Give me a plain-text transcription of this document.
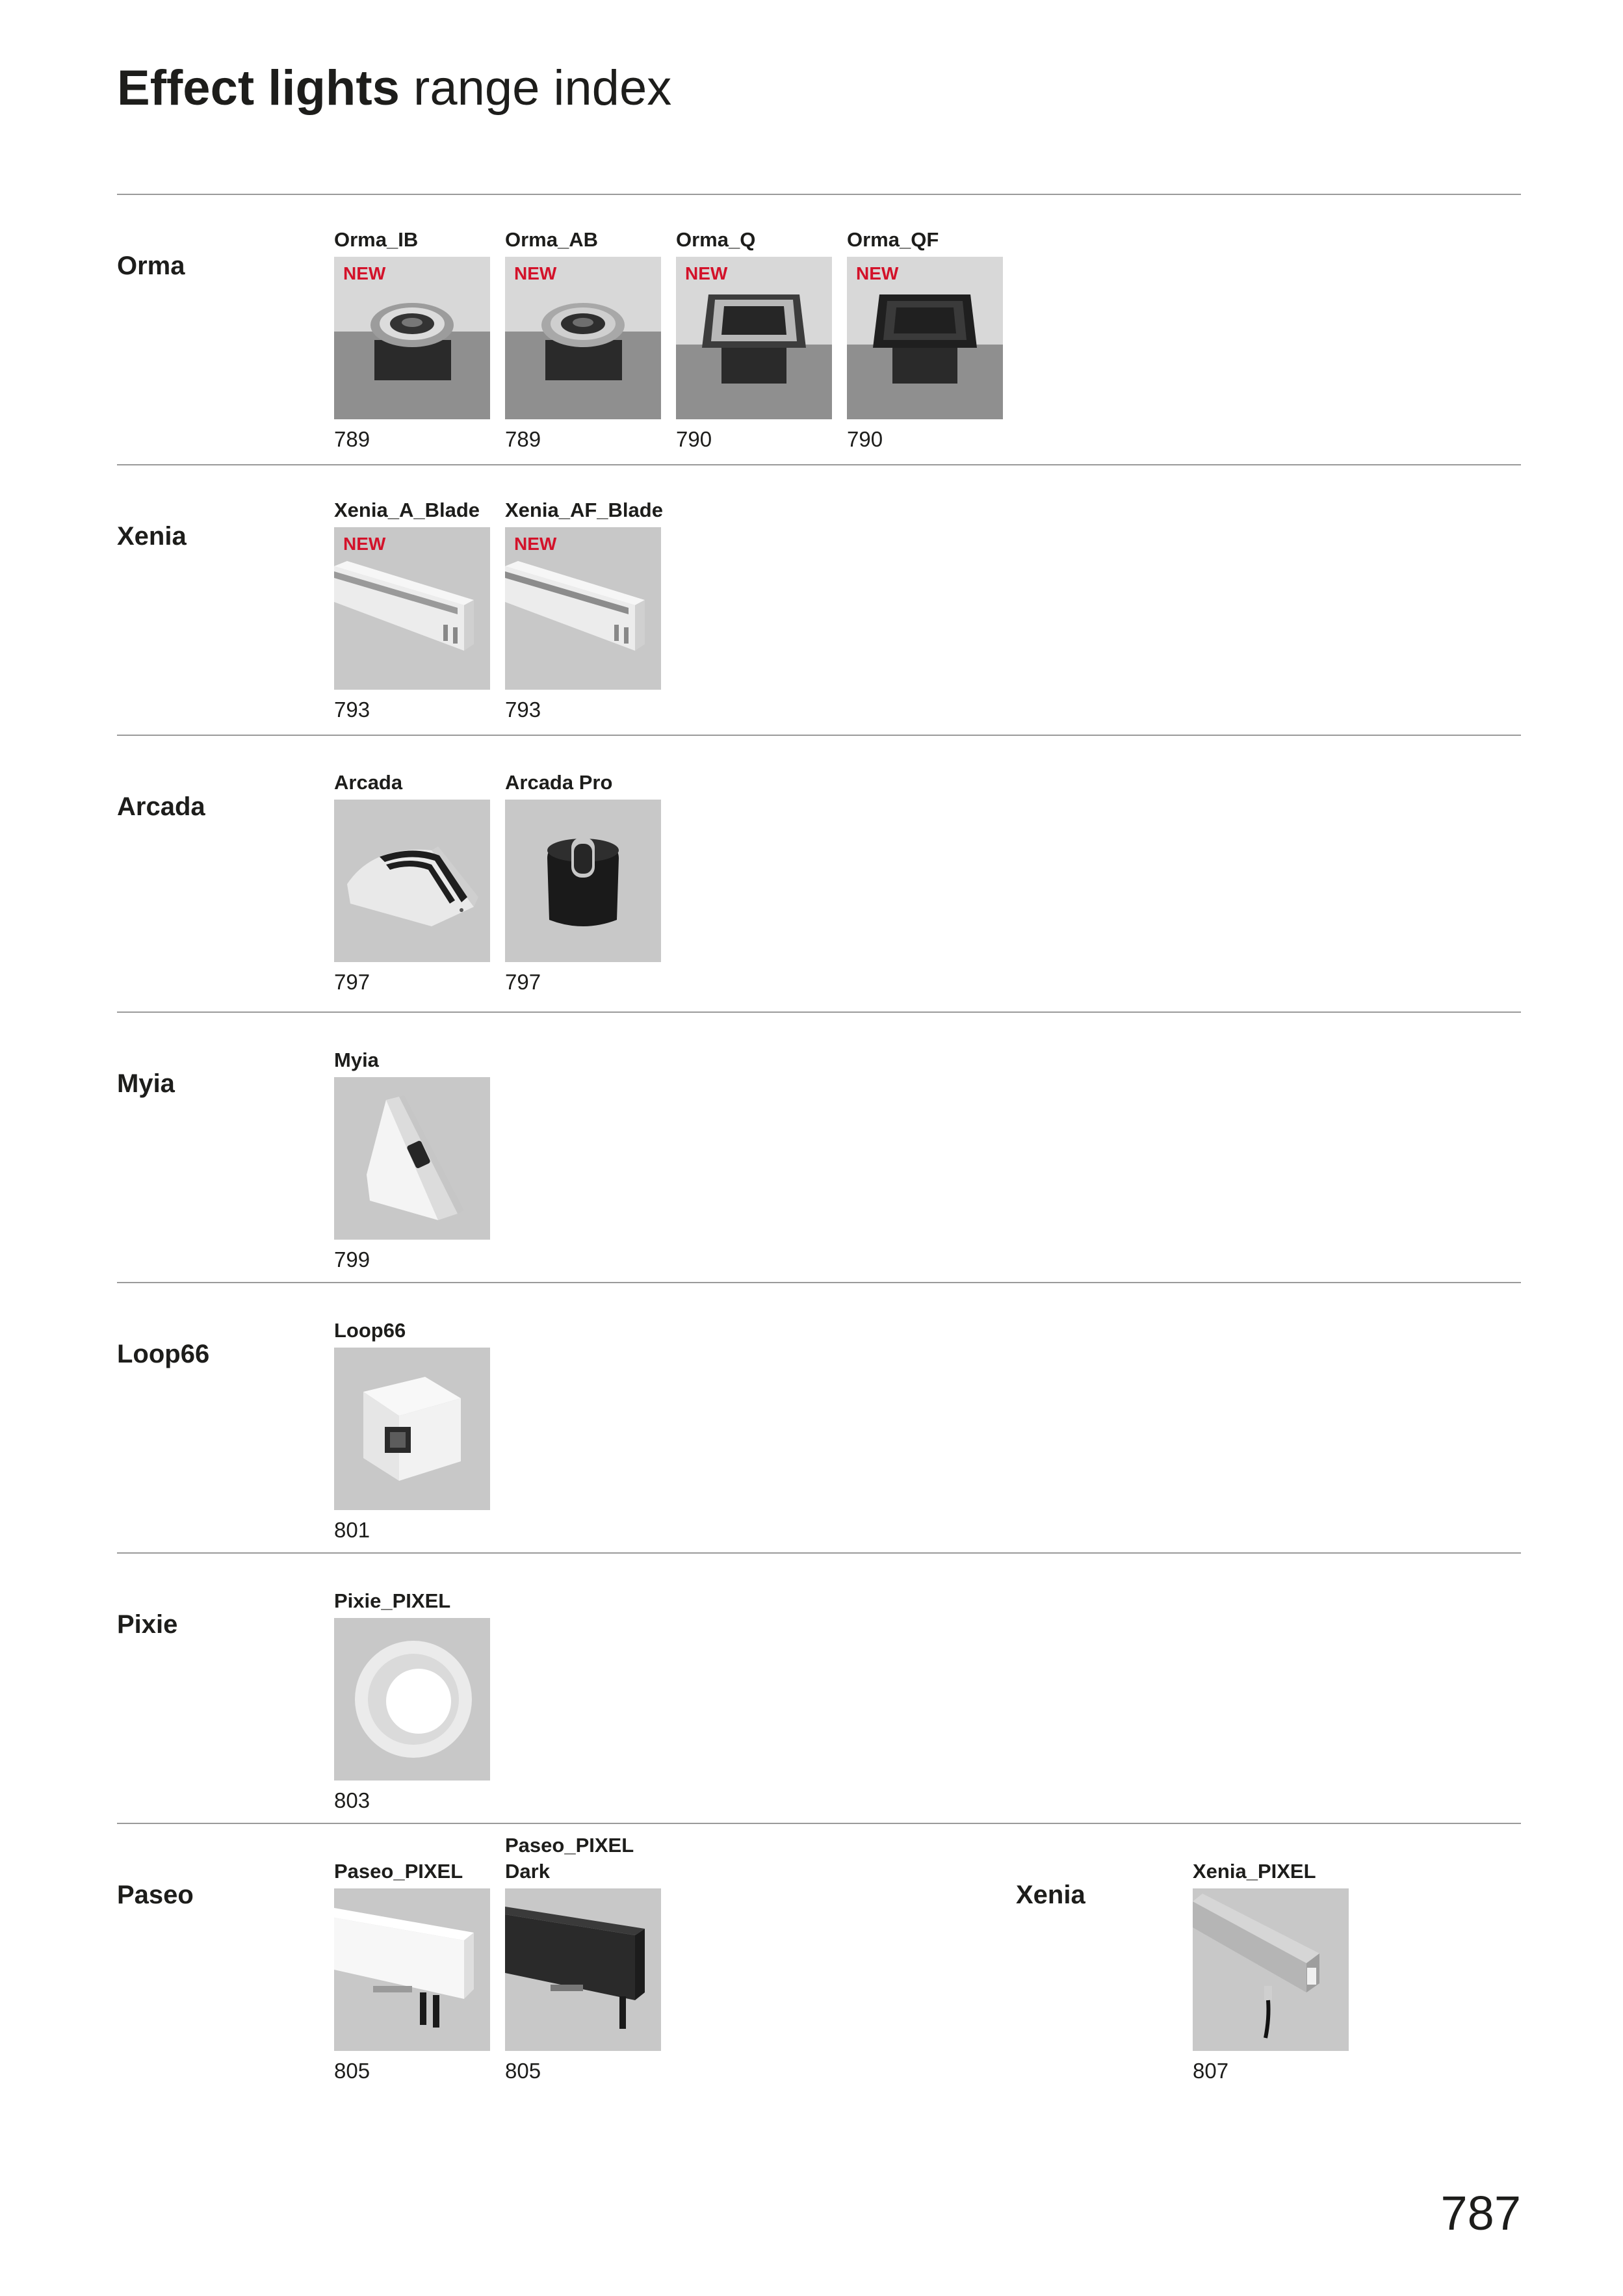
Effect lights range index
Orma
Xenia
Arcada
Myia
Loop66
Pixie
Paseo	Xenia
Orma_IB
NEW
789
Orma_AB
NEW
789
Orma_Q
NEW
790
Orma_QF
NEW
790
Xenia_A_Blade
NEW
793
Xenia_AF_Blade
NEW
793
Arcada
797
Arcada Pro
797
Myia
799
Loop66
801
Pixie_PIXEL
803
Paseo_PIXEL
805
Paseo_PIXEL
Dark
805
Xenia_PIXEL
807
787
